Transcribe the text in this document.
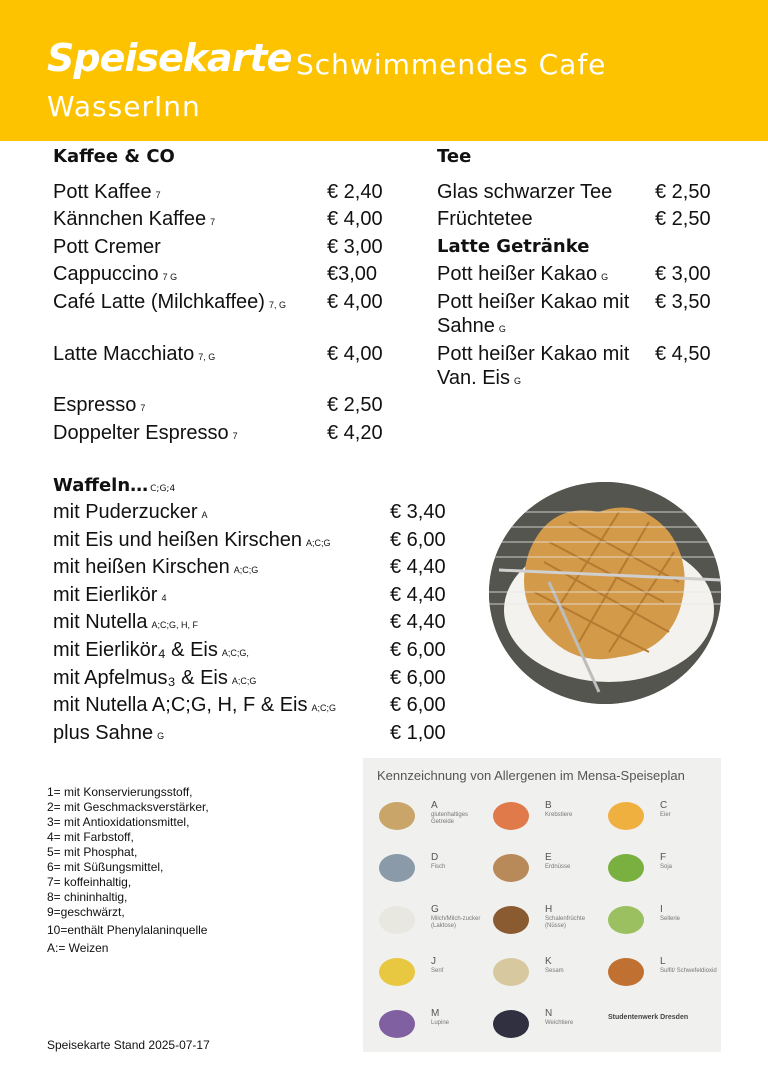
Speisekarte Schwimmendes Cafe
WasserInn
Kaffee & CO
Pott Kaffee 7	€ 2,40
Kännchen Kaffee 7	€ 4,00
Pott Cremer	€ 3,00
Cappuccino 7 G	€3,00
Café Latte (Milchkaffee) 7, G € 4,00
Latte Macchiato 7, G	€ 4,00
Espresso 7	€ 2,50
Doppelter Espresso 7	€ 4,20
Tee
Glas schwarzer Tee € 2,50
Früchtetee	€ 2,50
Latte Getränke
Pott heißer Kakao G € 3,00
Pott heißer Kakao mit Sahne G
€ 3,50
Pott heißer Kakao mit Van. Eis G
€ 4,50
Waffeln… C;G;4
mit Puderzucker A	€ 3,40
mit Eis und heißen Kirschen A;C;G	€ 6,00
mit heißen Kirschen A;C;G	€ 4,40
mit Eierlikör 4	€ 4,40
mit Nutella A;C;G, H, F	€ 4,40
mit Eierlikör₄ & Eis A;C;G,	€ 6,00
mit Apfelmus₃ & Eis A;C;G	€ 6,00
mit Nutella A;C;G, H, F & Eis A;C;G	€ 6,00
plus Sahne G	€ 1,00
1= mit Konservierungsstoff,
2= mit Geschmacksverstärker,
3= mit Antioxidationsmittel,
4= mit Farbstoff,
5= mit Phosphat,
6= mit Süßungsmittel,
7= koffeinhaltig,
8= chininhaltig,
9=geschwärzt,
10=enthält Phenylalaninquelle
A:= Weizen
Speisekarte Stand 2025-07-17
Kennzeichnung von Allergenen im Mensa-Speiseplan
A
glutenhaltiges Getreide
B
Krebstiere
C
Eier
D
Fisch
E
Erdnüsse
F
Soja
G
Milch/Milch-zucker (Laktose)
H
Schalenfrüchte (Nüsse)
I
Sellerie
J
Senf
K
Sesam
L
Sulfit/ Schwefeldioxid
M
Lupine
N
Weichtiere
Studentenwerk Dresden
